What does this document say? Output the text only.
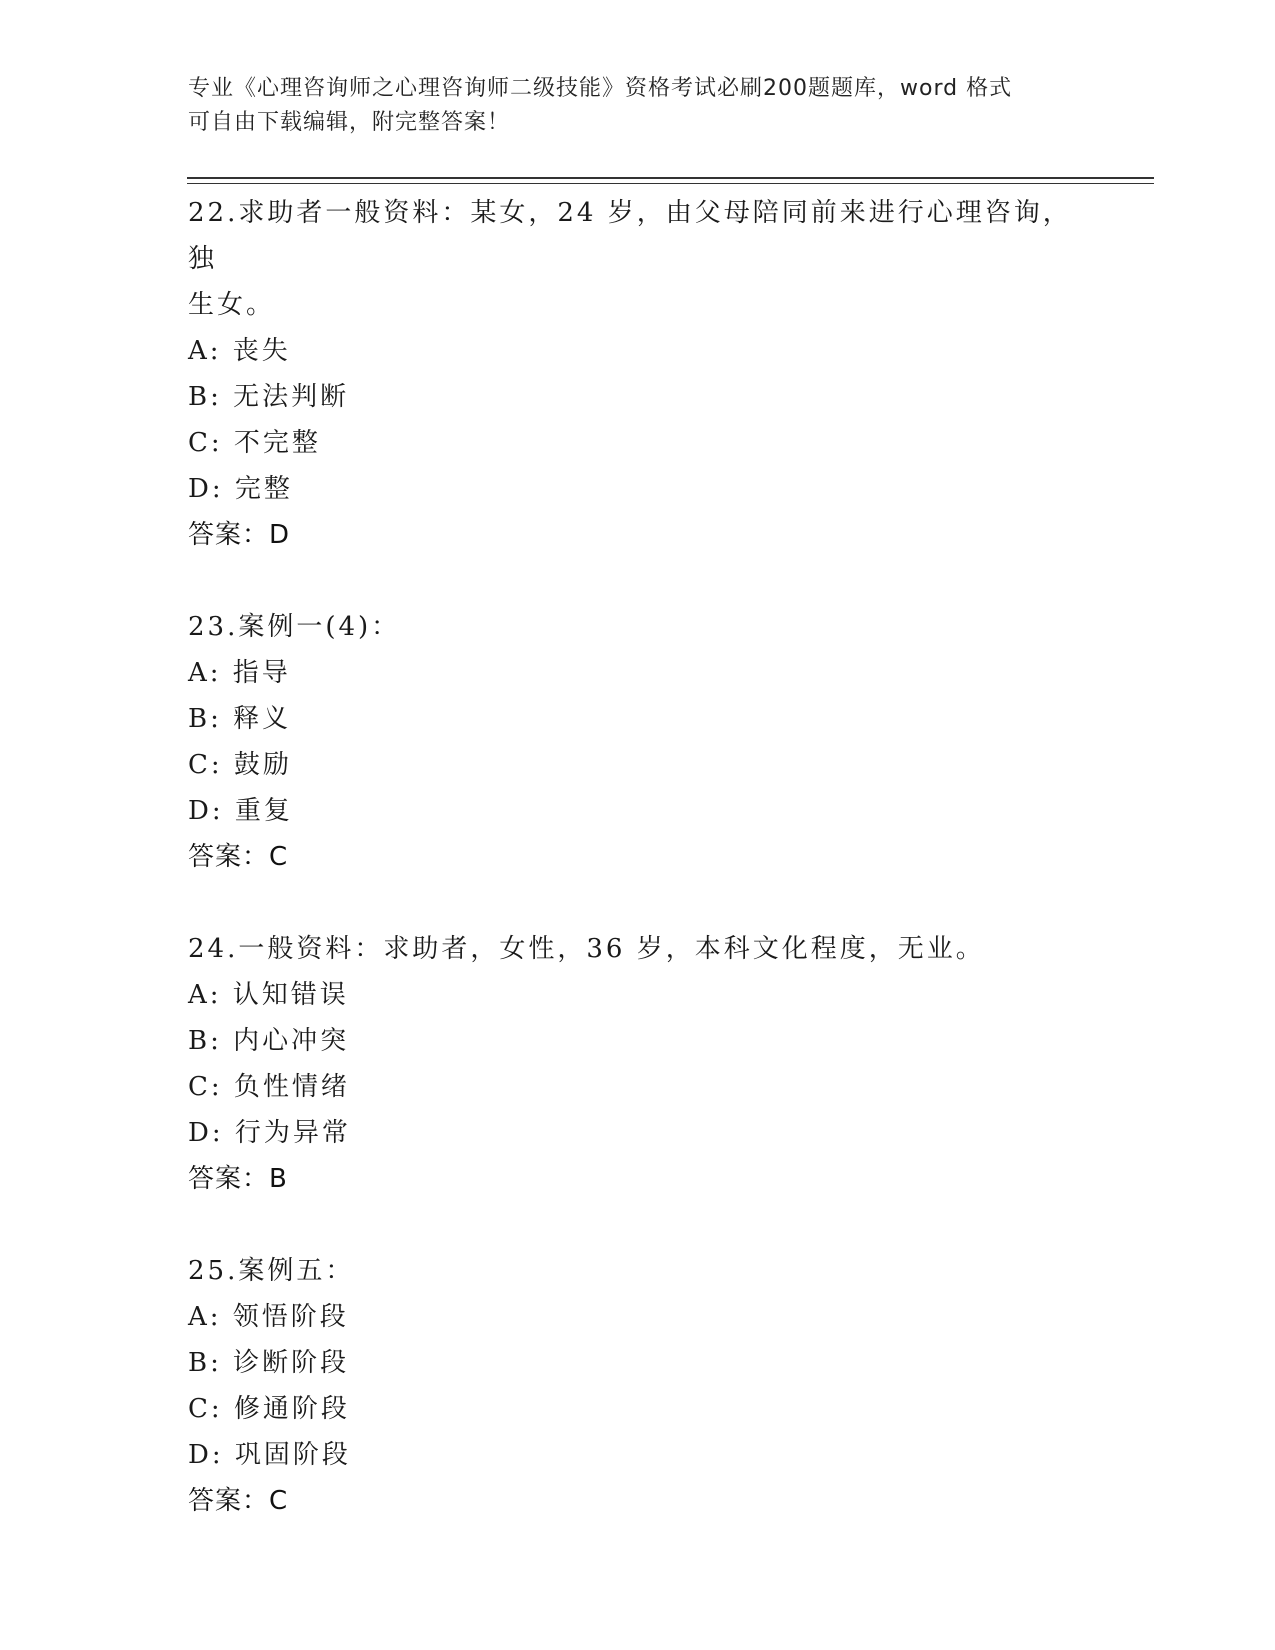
专业《心理咨询师之心理咨询师二级技能》资格考试必刷200题题库，word 格式
可自由下载编辑，附完整答案！
22.求助者一般资料：某女，24 岁，由父母陪同前来进行心理咨询，独
生女。
A: 丧失
B: 无法判断
C: 不完整
D: 完整
答案：D
23.案例一(4)：
A: 指导
B: 释义
C: 鼓励
D: 重复
答案：C
24.一般资料：求助者，女性，36 岁，本科文化程度，无业。
A: 认知错误
B: 内心冲突
C: 负性情绪
D: 行为异常
答案：B
25.案例五：
A: 领悟阶段
B: 诊断阶段
C: 修通阶段
D: 巩固阶段
答案：C
